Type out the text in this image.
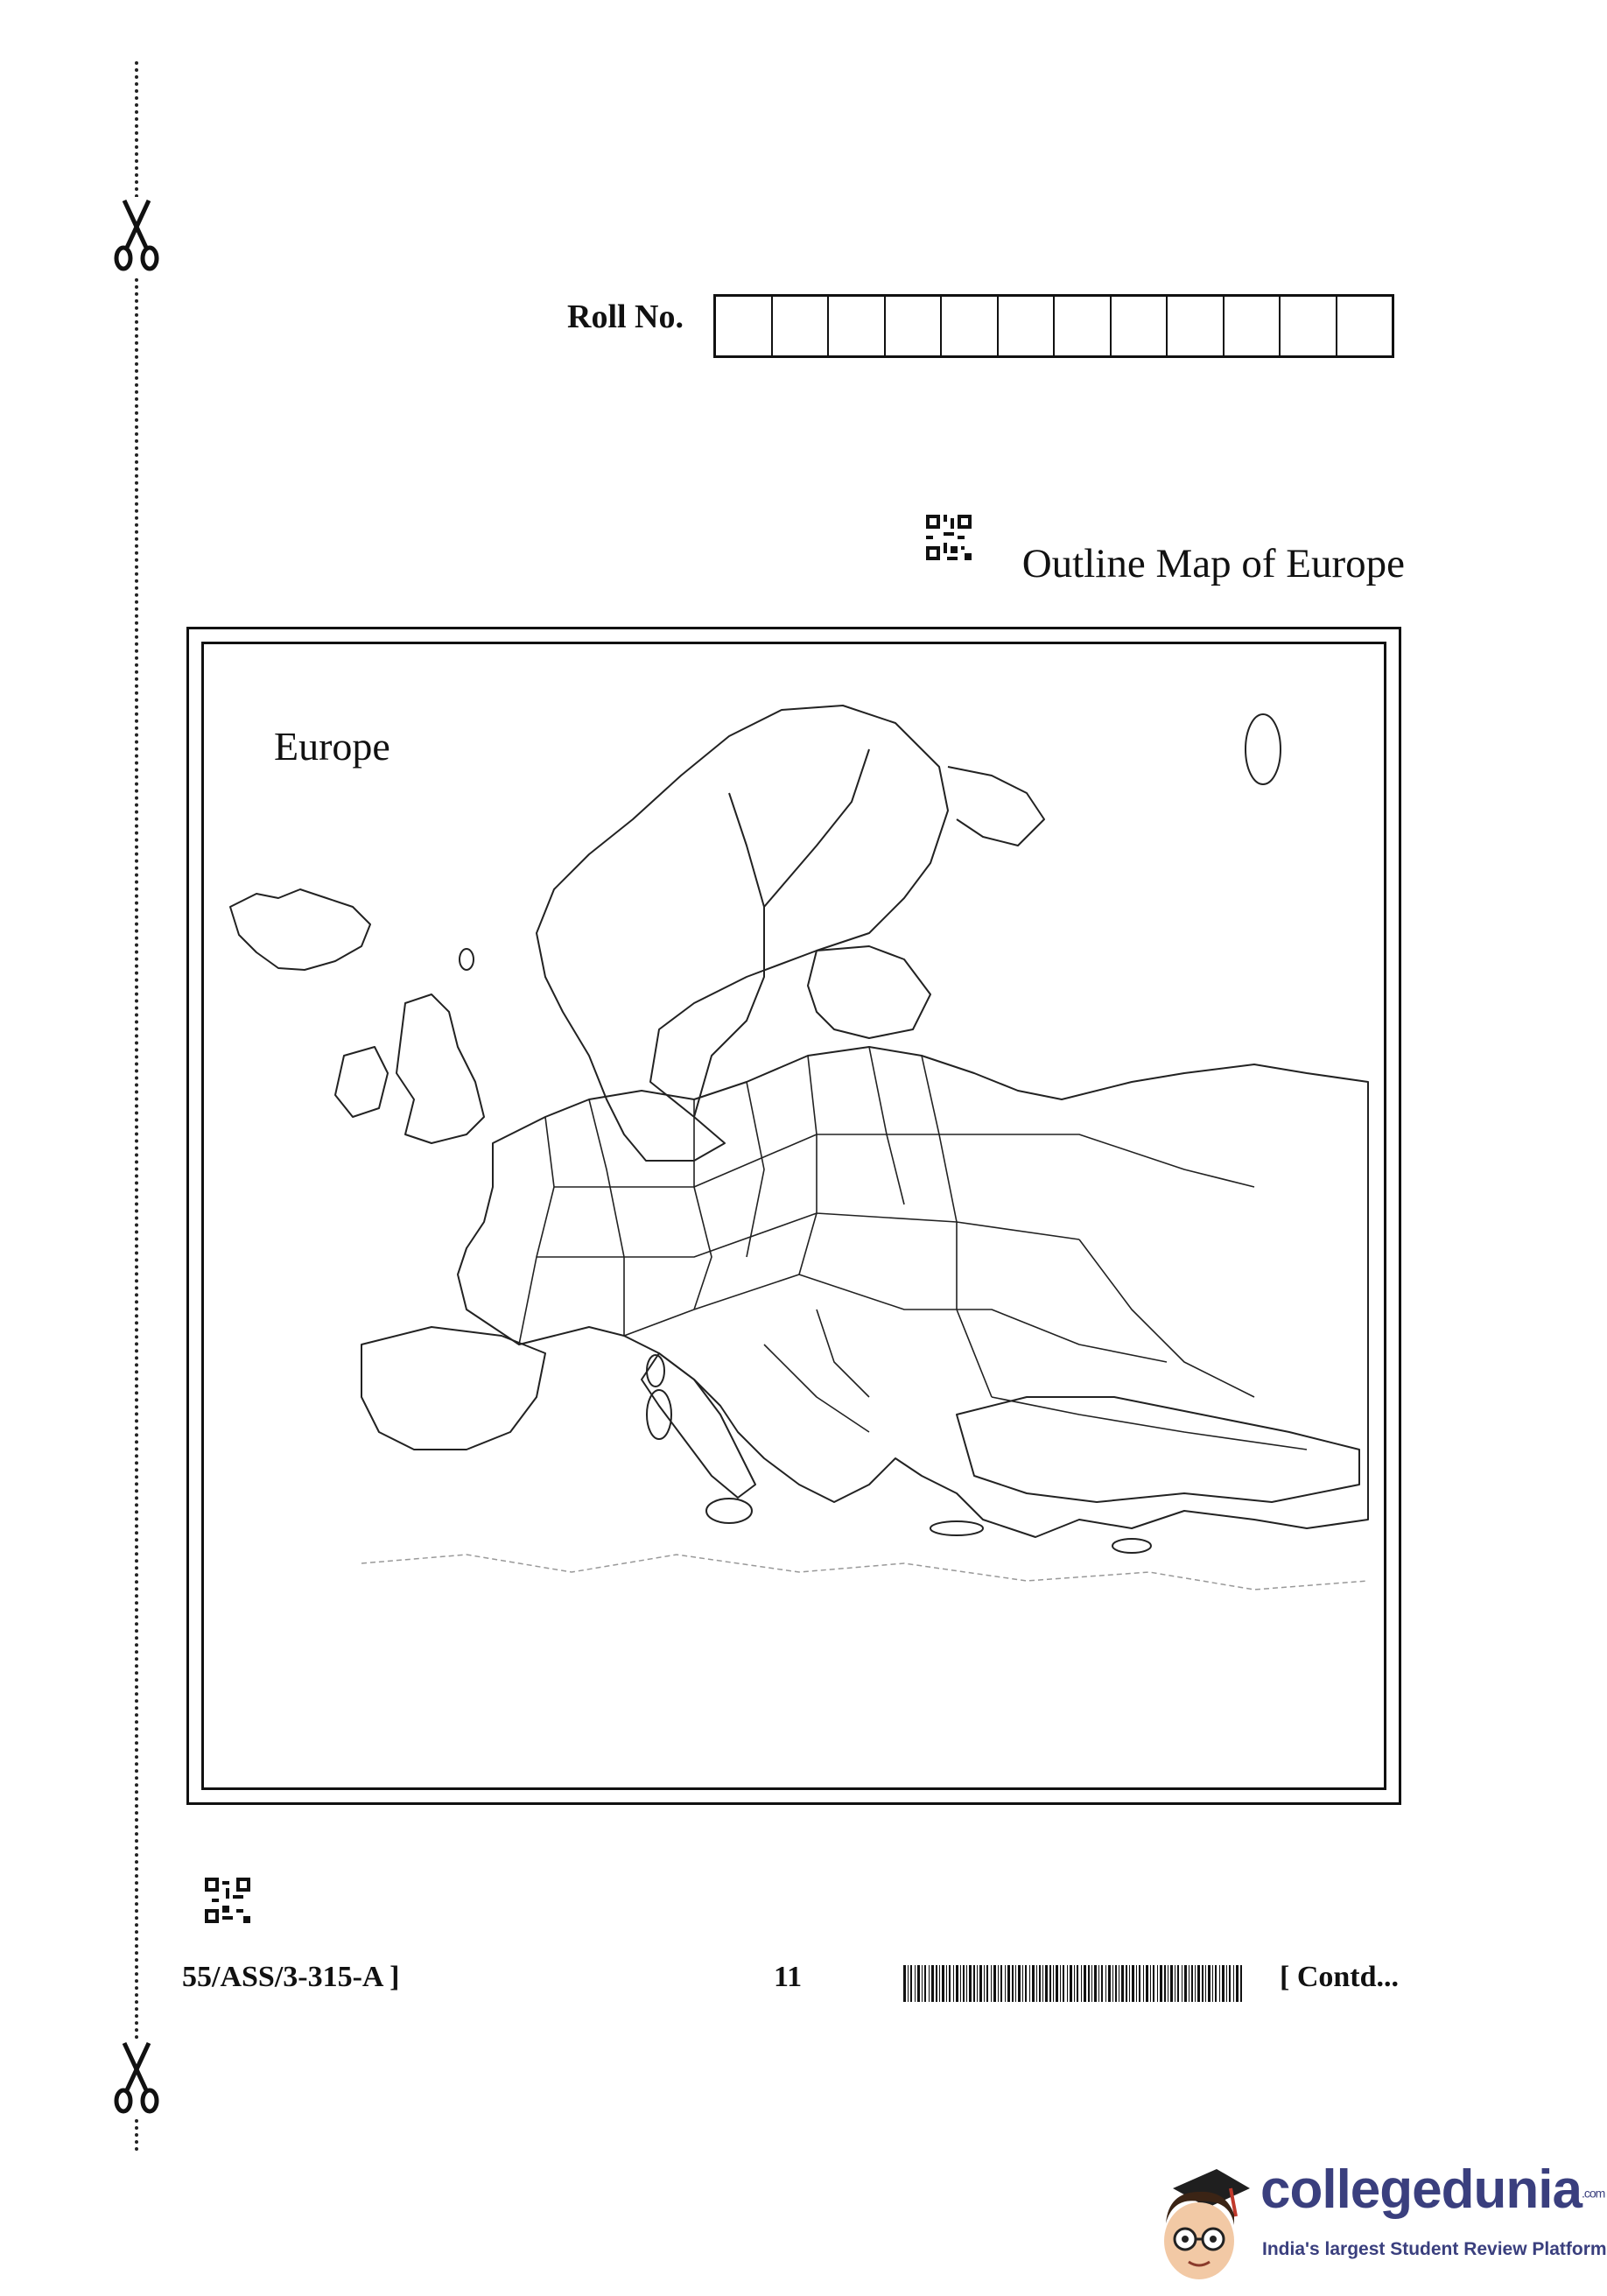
Roll No.
Outline Map of Europe
Europe
55/ASS/3-315-A ]	11	[ Contd...
collegedunia.com
India's largest Student Review Platform
